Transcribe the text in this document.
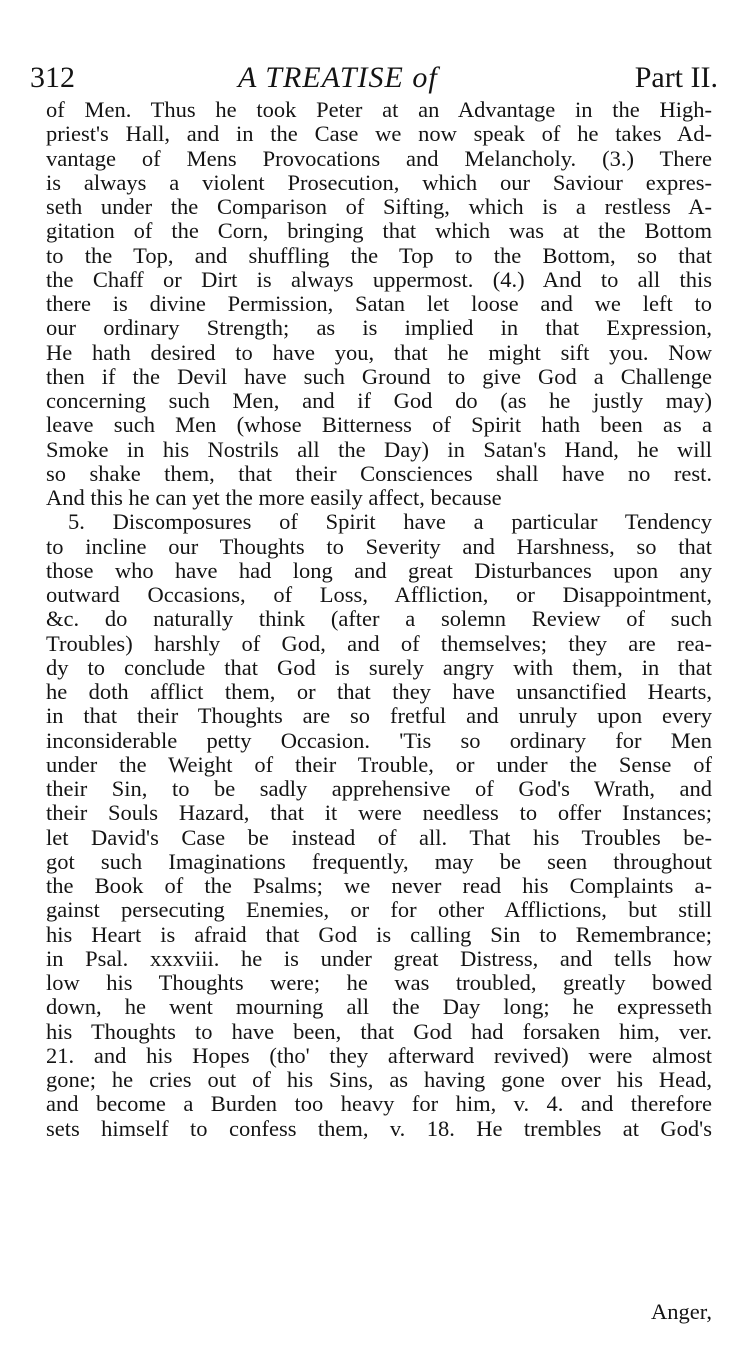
312	A TREATISE of	Part II.
of Men. Thus he took Peter at an Advantage in the High-
priest's Hall, and in the Case we now speak of he takes Ad-
vantage of Mens Provocations and Melancholy. (3.) There
is always a violent Prosecution, which our Saviour expres-
seth under the Comparison of Sifting, which is a restless A-
gitation of the Corn, bringing that which was at the Bottom
to the Top, and shuffling the Top to the Bottom, so that
the Chaff or Dirt is always uppermost. (4.) And to all this
there is divine Permission, Satan let loose and we left to
our ordinary Strength; as is implied in that Expression,
He hath desired to have you, that he might sift you. Now
then if the Devil have such Ground to give God a Challenge
concerning such Men, and if God do (as he justly may)
leave such Men (whose Bitterness of Spirit hath been as a
Smoke in his Nostrils all the Day) in Satan's Hand, he will
so shake them, that their Consciences shall have no rest.
And this he can yet the more easily affect, because
5. Discomposures of Spirit have a particular Tendency
to incline our Thoughts to Severity and Harshness, so that
those who have had long and great Disturbances upon any
outward Occasions, of Loss, Affliction, or Disappointment,
&c. do naturally think (after a solemn Review of such
Troubles) harshly of God, and of themselves; they are rea-
dy to conclude that God is surely angry with them, in that
he doth afflict them, or that they have unsanctified Hearts,
in that their Thoughts are so fretful and unruly upon every
inconsiderable petty Occasion. 'Tis so ordinary for Men
under the Weight of their Trouble, or under the Sense of
their Sin, to be sadly apprehensive of God's Wrath, and
their Souls Hazard, that it were needless to offer Instances;
let David's Case be instead of all. That his Troubles be-
got such Imaginations frequently, may be seen throughout
the Book of the Psalms; we never read his Complaints a-
gainst persecuting Enemies, or for other Afflictions, but still
his Heart is afraid that God is calling Sin to Remembrance;
in Psal. xxxviii. he is under great Distress, and tells how
low his Thoughts were; he was troubled, greatly bowed
down, he went mourning all the Day long; he expresseth
his Thoughts to have been, that God had forsaken him, ver.
21. and his Hopes (tho' they afterward revived) were almost
gone; he cries out of his Sins, as having gone over his Head,
and become a Burden too heavy for him, v. 4. and therefore
sets himself to confess them, v. 18. He trembles at God's
Anger,
